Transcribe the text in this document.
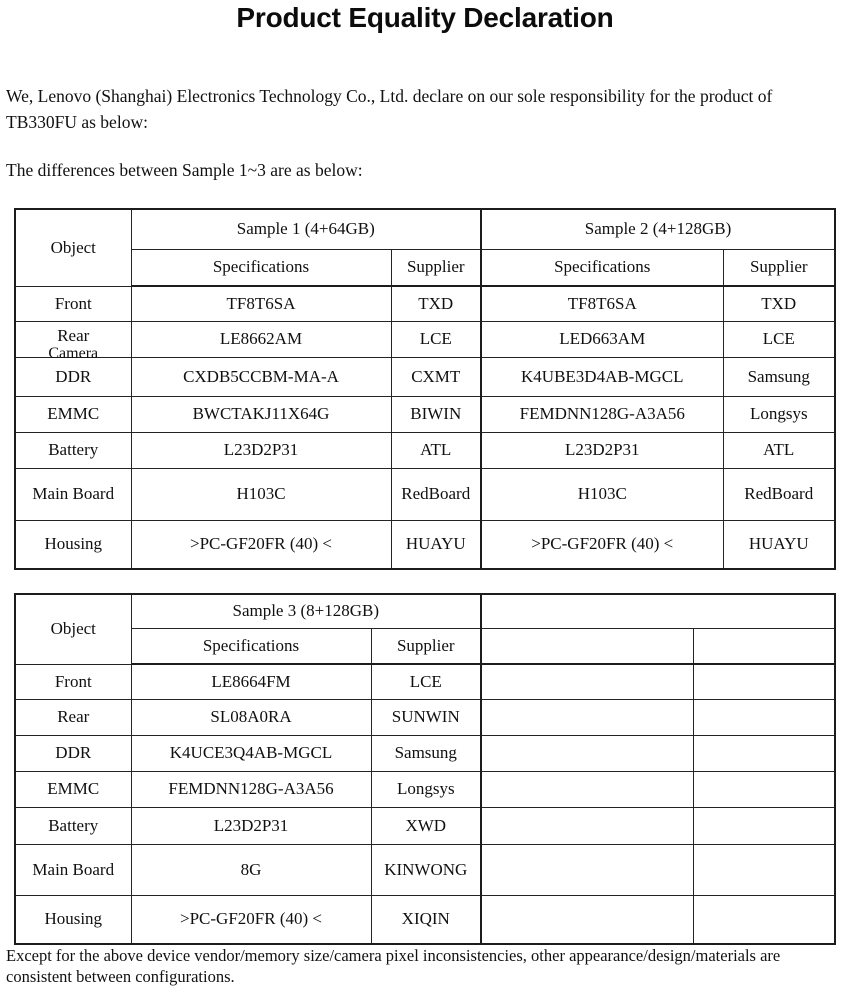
Product Equality Declaration
We, Lenovo (Shanghai) Electronics Technology Co., Ltd. declare on our sole responsibility for the product of
TB330FU as below:
The differences between Sample 1~3 are as below:
Object	Sample 1 (4+64GB)		Sample 2 (4+128GB)	
	Specifications	Supplier	Specifications	Supplier
Front	TF8T6SA	TXD	TF8T6SA	TXD

Rear
Camera	LE8662AM	LCE	LED663AM	LCE
DDR	CXDB5CCBM-MA-A	CXMT	K4UBE3D4AB-MGCL	Samsung
EMMC	BWCTAKJ11X64G	BIWIN	FEMDNN128G-A3A56	Longsys
Battery	L23D2P31	ATL	L23D2P31	ATL
Main Board	H103C	RedBoard	H103C	RedBoard
Housing	>PC-GF20FR (40) <	HUAYU	>PC-GF20FR (40) <	HUAYU
Object	Sample 3 (8+128GB)			
	Specifications	Supplier		
Front	LE8664FM	LCE		
Rear	SL08A0RA	SUNWIN		
DDR	K4UCE3Q4AB-MGCL	Samsung		
EMMC	FEMDNN128G-A3A56	Longsys		
Battery	L23D2P31	XWD		
Main Board	8G	KINWONG		
Housing	>PC-GF20FR (40) <	XIQIN		
Except for the above device vendor/memory size/camera pixel inconsistencies, other appearance/design/materials are
consistent between configurations.
